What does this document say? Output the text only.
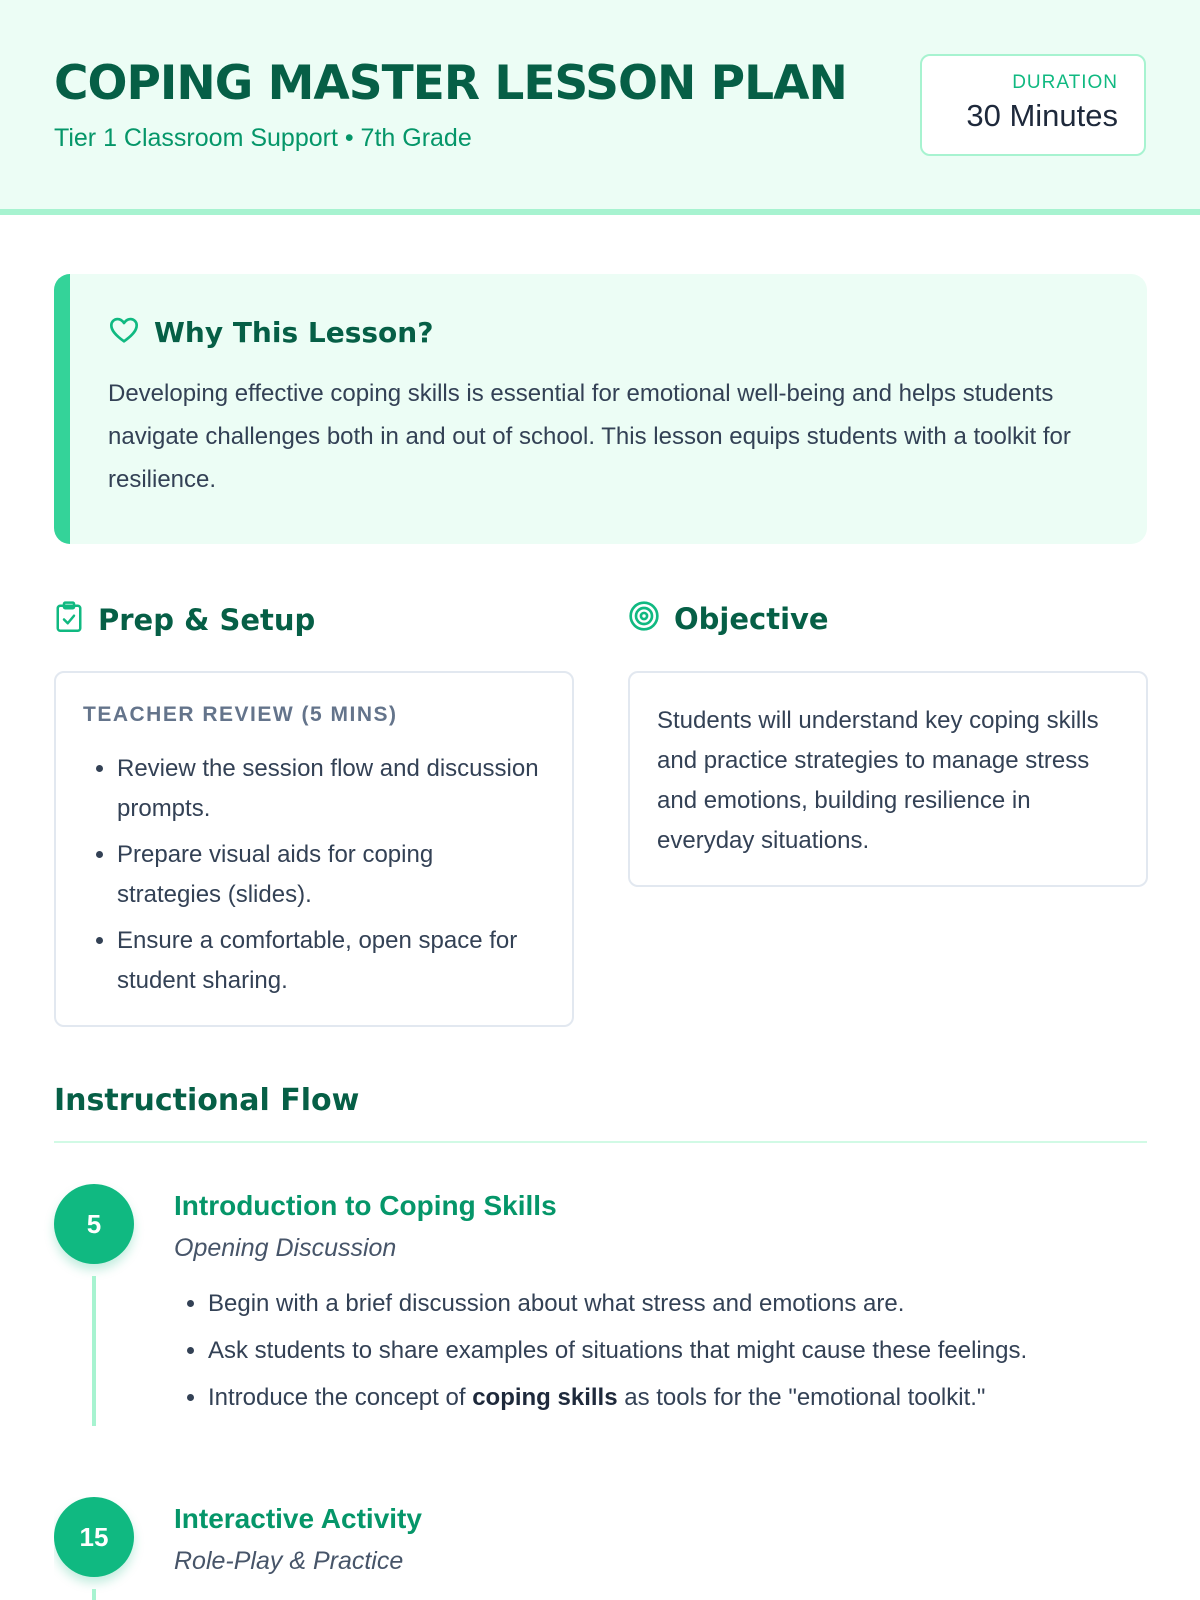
COPING MASTER LESSON PLAN
Tier 1 Classroom Support • 7th Grade
DURATION
30 Minutes
Why This Lesson?

Developing effective coping skills is essential for emotional well-being and helps students navigate challenges both in and out of school. This lesson equips students with a toolkit for resilience.

Prep & Setup
TEACHER REVIEW (5 MINS)
• Review the session flow and discussion prompts.
• Prepare visual aids for coping strategies (slides).
• Ensure a comfortable, open space for student sharing.
Objective

Students will understand key coping skills and practice strategies to manage stress and emotions, building resilience in everyday situations.

Instructional Flow
5
Introduction to Coping Skills
Opening Discussion
• Begin with a brief discussion about what stress and emotions are.
• Ask students to share examples of situations that might cause these feelings.
• Introduce the concept of coping skills as tools for the "emotional toolkit."
15
Interactive Activity
Role-Play & Practice
